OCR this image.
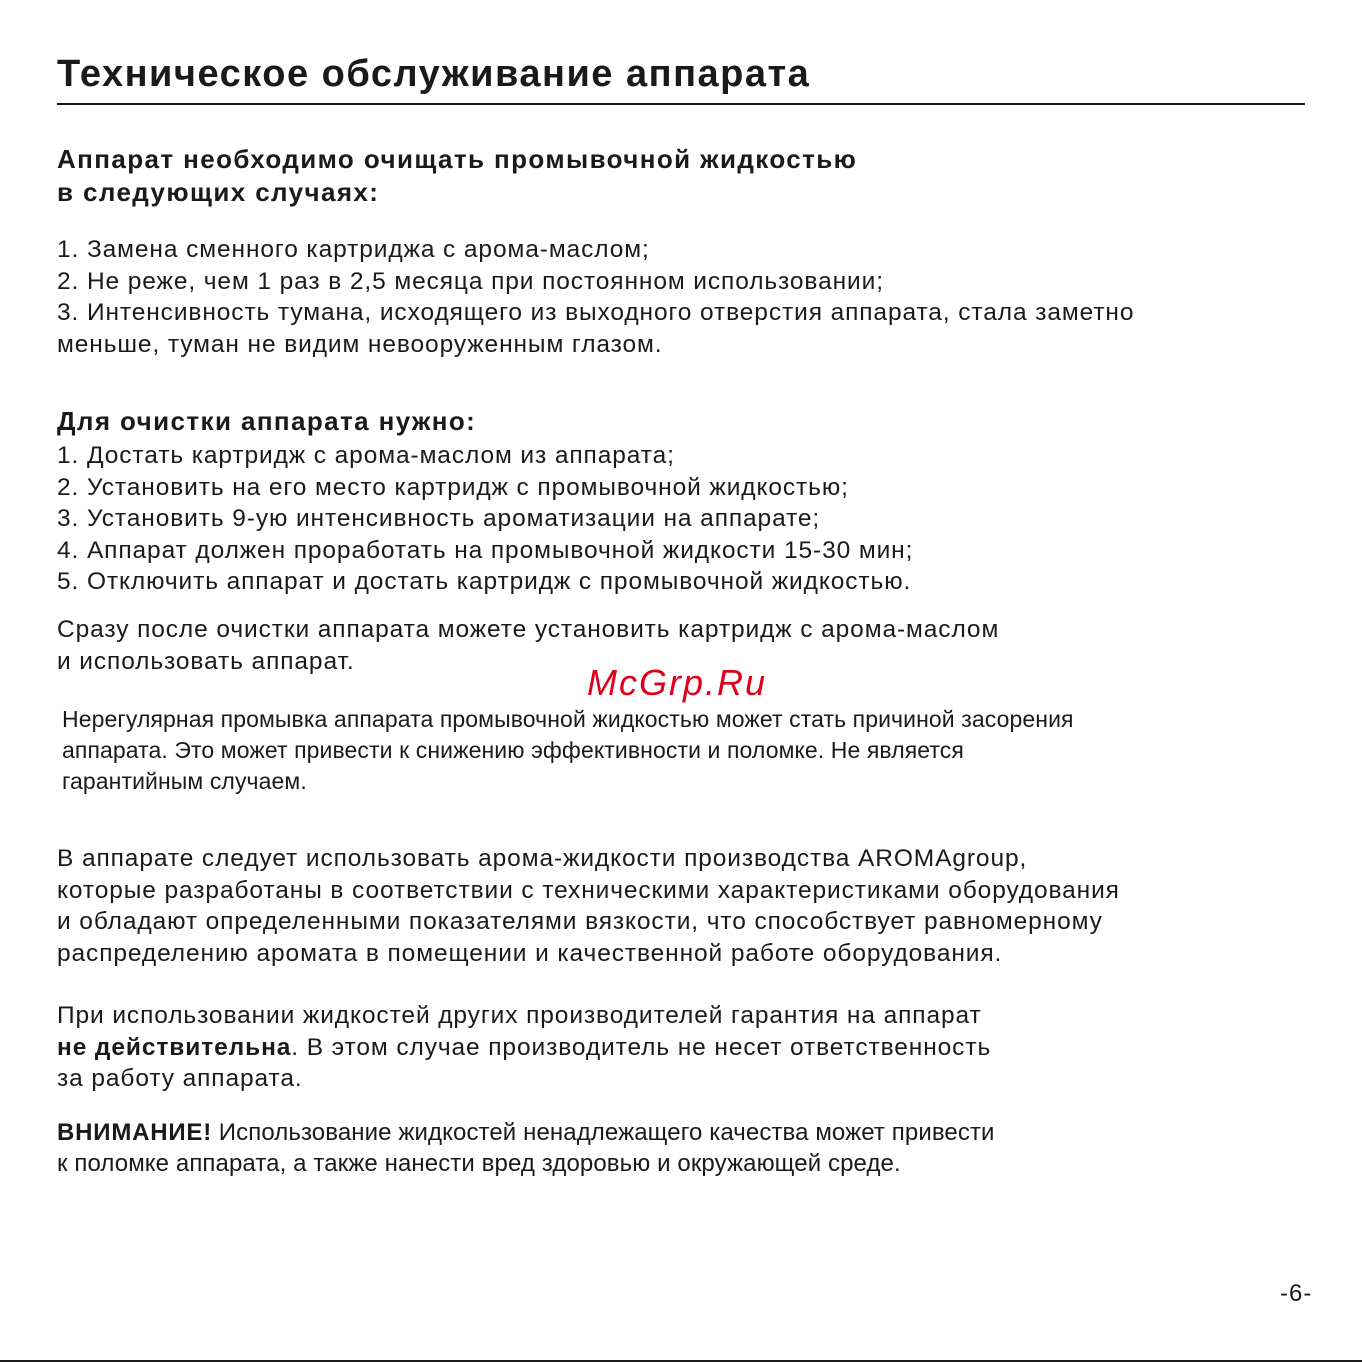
Техническое обслуживание аппарата
Аппарат необходимо очищать промывочной жидкостью
в следующих случаях:
1. Замена сменного картриджа с арома-маслом;
2. Не реже, чем 1 раз в 2,5 месяца при постоянном использовании;
3. Интенсивность тумана, исходящего из выходного отверстия аппарата, стала заметно
меньше, туман не видим невооруженным глазом.
Для очистки аппарата нужно:
1. Достать картридж с арома-маслом из аппарата;
2. Установить на его место картридж с промывочной жидкостью;
3. Установить 9-ую интенсивность ароматизации на аппарате;
4. Аппарат должен проработать на промывочной жидкости 15-30 мин;
5. Отключить аппарат и достать картридж с промывочной жидкостью.
Сразу после очистки аппарата можете установить картридж с арома-маслом
и использовать аппарат.
McGrp.Ru
Нерегулярная промывка аппарата промывочной жидкостью может стать причиной засорения
аппарата. Это может привести к снижению эффективности и поломке. Не является
гарантийным случаем.
В аппарате следует использовать арома-жидкости производства AROMAgroup,
которые разработаны в соответствии с техническими характеристиками оборудования
и обладают определенными показателями вязкости, что способствует равномерному
распределению аромата в помещении и качественной работе оборудования.
При использовании жидкостей других производителей гарантия на аппарат
не действительна. В этом случае производитель не несет ответственность
за работу аппарата.
ВНИМАНИЕ! Использование жидкостей ненадлежащего качества может привести
к поломке аппарата, а также нанести вред здоровью и окружающей среде.
-6-
